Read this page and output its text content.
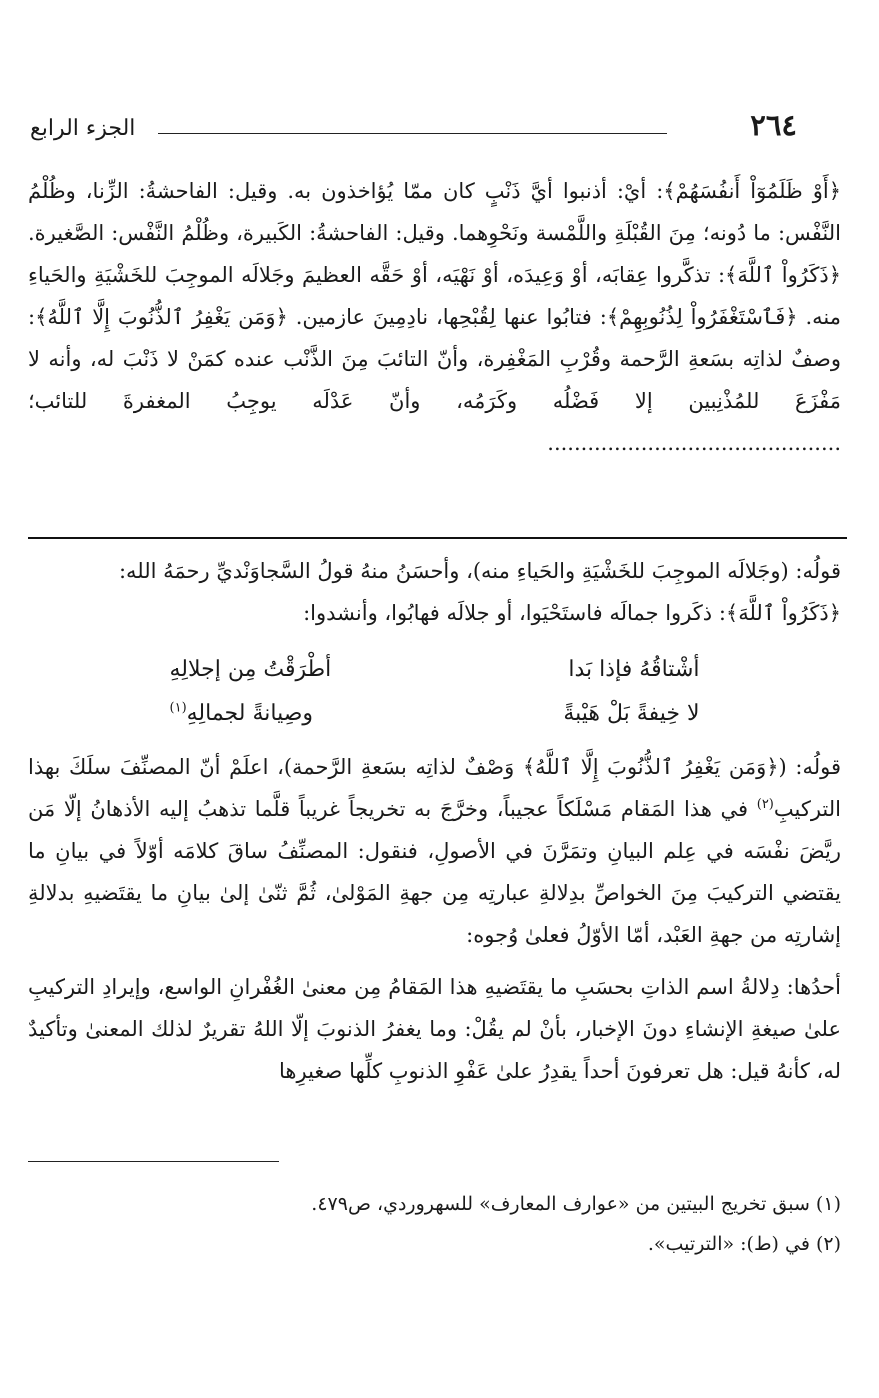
٢٦٤
الجزء الرابع

﴿أَوْ ظَلَمُوٓاْ أَنفُسَهُمْ﴾: أيْ: أذنبوا أيَّ ذَنْبٍ كان ممّا يُؤاخذون به. وقيل: الفاحشةُ: الزِّنا، وظُلْمُ النَّفْس: ما دُونه؛ مِنَ القُبْلَةِ واللَّمْسة ونَحْوِهما. وقيل: الفاحشةُ: الكَبيرة، وظُلْمُ النَّفْس: الصَّغيرة. ﴿ذَكَرُواْ ٱللَّهَ﴾: تذكَّروا عِقابَه، أوْ وَعِيدَه، أوْ نَهْيَه، أوْ حَقَّه العظيمَ وجَلالَه الموجِبَ للخَشْيَةِ والحَياءِ منه. ﴿فَٱسْتَغْفَرُواْ لِذُنُوبِهِمْ﴾: فتابُوا عنها لِقُبْحِها، نادِمِينَ عازمين. ﴿وَمَن يَغْفِرُ ٱلذُّنُوبَ إِلَّا ٱللَّهُ﴾: وصفٌ لذاتِه بسَعةِ الرَّحمة وقُرْبِ المَغْفِرة، وأنّ التائبَ مِنَ الذَّنْب عنده كمَنْ لا ذَنْبَ له، وأنه لا مَفْزَعَ للمُذْنِبين إلا فَضْلُه وكَرَمُه، وأنّ عَدْلَه يوجِبُ المغفرةَ للتائب؛ ............................................

قولُه: (وجَلالَه الموجِبَ للخَشْيَةِ والحَياءِ منه)، وأحسَنُ منهُ قولُ السَّجاوَنْديِّ رحمَهُ الله:

﴿ذَكَرُواْ ٱللَّهَ﴾: ذكَروا جمالَه فاستَحْيَوا، أو جلالَه فهابُوا، وأنشدوا:

أشْتاقُهُ فإذا بَدا
أطْرَقْتُ مِن إجلالِهِ
لا خِيفةً بَلْ هَيْبةً
وصِيانةً لجمالِهِ$^{(١)}$

قولُه: (﴿وَمَن يَغْفِرُ ٱلذُّنُوبَ إِلَّا ٱللَّهُ﴾ وَصْفٌ لذاتِه بسَعةِ الرَّحمة)، اعلَمْ أنّ المصنِّفَ سلَكَ بهذا التركيبِ$^{(٢)}$ في هذا المَقام مَسْلَكاً عجيباً، وخرَّجَ به تخريجاً غريباً قلَّما تذهبُ إليه الأذهانُ إلّا مَن ريَّضَ نفْسَه في عِلم البيانِ وتمَرَّنَ في الأصولِ، فنقول: المصنِّفُ ساقَ كلامَه أوّلاً في بيانِ ما يقتضي التركيبَ مِنَ الخواصِّ بدِلالةِ عبارتِه مِن جهةِ المَوْلىٰ، ثُمَّ ثنّىٰ إلىٰ بيانِ ما يقتَضيهِ بدلالةِ إشارتِه من جهةِ العَبْد، أمّا الأوّلُ فعلىٰ وُجوه:

أحدُها: دِلالةُ اسم الذاتِ بحسَبِ ما يقتَضيهِ هذا المَقامُ مِن معنىٰ الغُفْرانِ الواسع، وإيرادِ التركيبِ علىٰ صيغةِ الإنشاءِ دونَ الإخبار، بأنْ لم يقُلْ: وما يغفرُ الذنوبَ إلّا اللهُ تقريرٌ لذلك المعنىٰ وتأكيدٌ له، كأنهُ قيل: هل تعرفونَ أحداً يقدِرُ علىٰ عَفْوِ الذنوبِ كلِّها صغيرِها

(١) سبق تخريج البيتين من «عوارف المعارف» للسهروردي، ص٤٧٩.

(٢) في (ط): «الترتيب».
